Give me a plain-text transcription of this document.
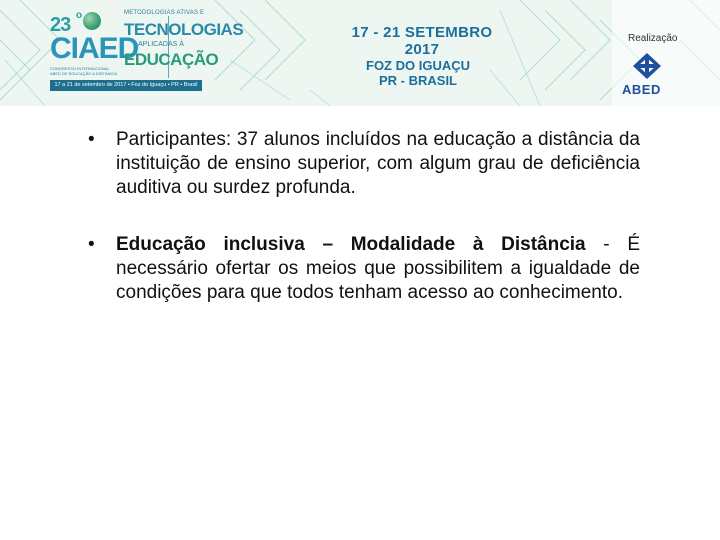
23 o
CIAED
CONGRESSO INTERNACIONAL ABED DE EDUCAÇÃO A DISTÂNCIA
METODOLOGIAS ATIVAS E
TECNOLOGIAS
APLICADAS À
EDUCAÇÃO
17 a 21 de setembro de 2017 • Foz do Iguaçu • PR • Brasil
17 - 21 SETEMBRO 2017
FOZ DO IGUAÇU
PR - BRASIL
Realização
ABED
• Participantes: 37 alunos incluídos na educação a distância da instituição de ensino superior, com algum grau de deficiência auditiva ou surdez profunda.
• Educação inclusiva – Modalidade à Distância - É necessário ofertar os meios que possibilitem a igualdade de condições para que todos tenham acesso ao conhecimento.
